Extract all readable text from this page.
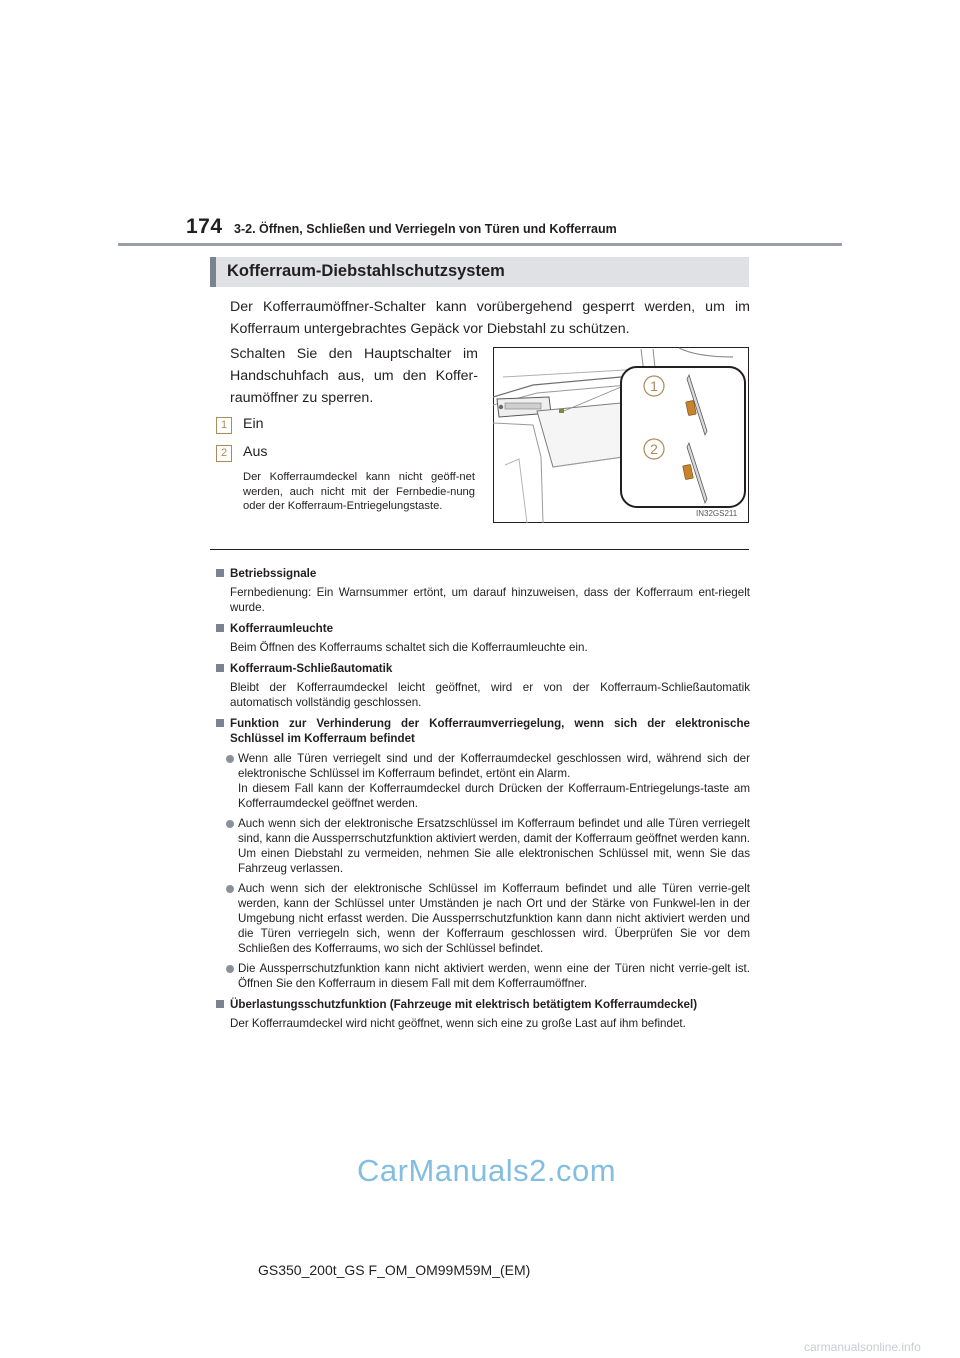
174 3-2. Öffnen, Schließen und Verriegeln von Türen und Kofferraum
Kofferraum-Diebstahlschutzsystem
Der Kofferraumöffner-Schalter kann vorübergehend gesperrt werden, um im Kofferraum untergebrachtes Gepäck vor Diebstahl zu schützen.
Schalten Sie den Hauptschalter im Handschuhfach aus, um den Koffer-raumöffner zu sperren.
1	Ein
2	Aus
Der Kofferraumdeckel kann nicht geöff-net werden, auch nicht mit der Fernbedie-nung oder der Kofferraum-Entriegelungstaste.
1
2
IN32GS211
Betriebssignale
Fernbedienung: Ein Warnsummer ertönt, um darauf hinzuweisen, dass der Kofferraum ent-riegelt wurde.
Kofferraumleuchte
Beim Öffnen des Kofferraums schaltet sich die Kofferraumleuchte ein.
Kofferraum-Schließautomatik
Bleibt der Kofferraumdeckel leicht geöffnet, wird er von der Kofferraum-Schließautomatik automatisch vollständig geschlossen.
Funktion zur Verhinderung der Kofferraumverriegelung, wenn sich der elektronische Schlüssel im Kofferraum befindet
Wenn alle Türen verriegelt sind und der Kofferraumdeckel geschlossen wird, während sich der elektronische Schlüssel im Kofferraum befindet, ertönt ein Alarm.
In diesem Fall kann der Kofferraumdeckel durch Drücken der Kofferraum-Entriegelungs-taste am Kofferraumdeckel geöffnet werden.
Auch wenn sich der elektronische Ersatzschlüssel im Kofferraum befindet und alle Türen verriegelt sind, kann die Aussperrschutzfunktion aktiviert werden, damit der Kofferraum geöffnet werden kann. Um einen Diebstahl zu vermeiden, nehmen Sie alle elektronischen Schlüssel mit, wenn Sie das Fahrzeug verlassen.
Auch wenn sich der elektronische Schlüssel im Kofferraum befindet und alle Türen verrie-gelt werden, kann der Schlüssel unter Umständen je nach Ort und der Stärke von Funkwel-len in der Umgebung nicht erfasst werden. Die Aussperrschutzfunktion kann dann nicht aktiviert werden und die Türen verriegeln sich, wenn der Kofferraum geschlossen wird. Überprüfen Sie vor dem Schließen des Kofferraums, wo sich der Schlüssel befindet.
Die Aussperrschutzfunktion kann nicht aktiviert werden, wenn eine der Türen nicht verrie-gelt ist. Öffnen Sie den Kofferraum in diesem Fall mit dem Kofferraumöffner.
Überlastungsschutzfunktion (Fahrzeuge mit elektrisch betätigtem Kofferraumdeckel)
Der Kofferraumdeckel wird nicht geöffnet, wenn sich eine zu große Last auf ihm befindet.
CarManuals2.com
GS350_200t_GS F_OM_OM99M59M_(EM)
carmanualsonline.info
